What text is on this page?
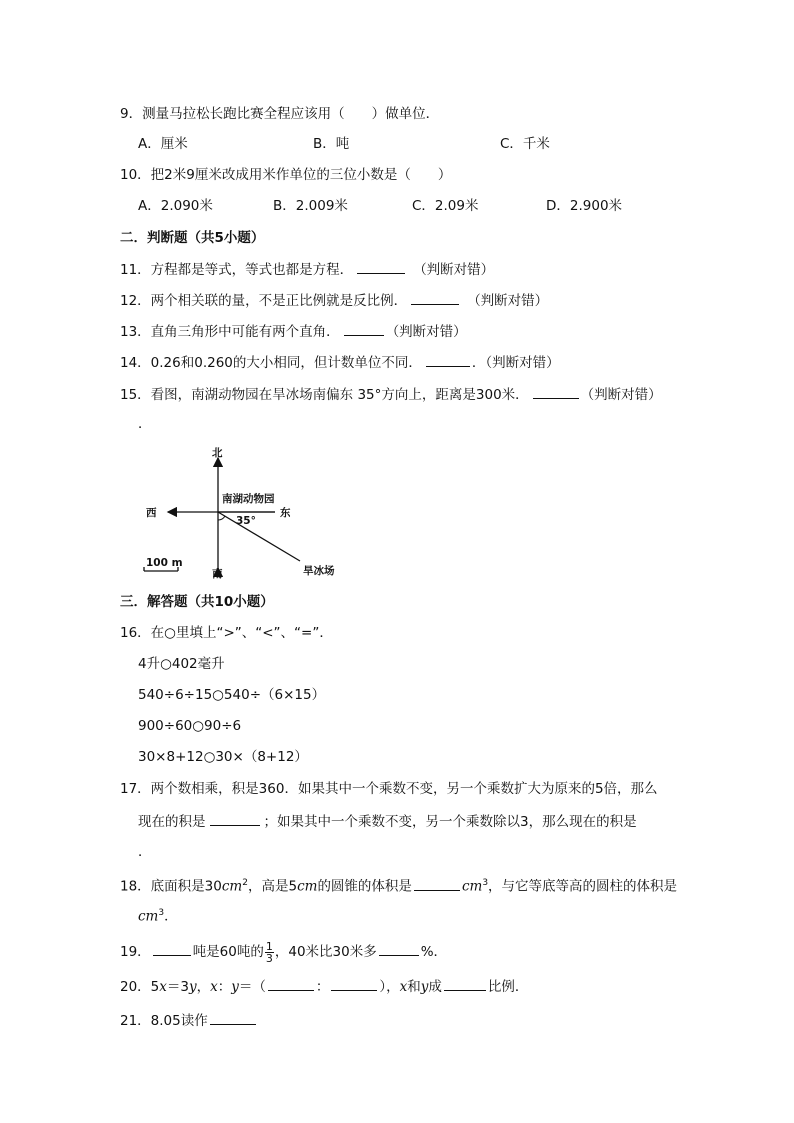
9．测量马拉松长跑比赛全程应该用（　　）做单位．
A．厘米	B．吨	C．千米
10．把2米9厘米改成用米作单位的三位小数是（　　）
A．2.090米	B．2.009米	C．2.09米	D．2.900米
二．判断题（共5小题）
11．方程都是等式，等式也都是方程．	（判断对错）
12．两个相关联的量，不是正比例就是反比例．	（判断对错）
13．直角三角形中可能有两个直角．	（判断对错）
14．0.26和0.260的大小相同，但计数单位不同．	．（判断对错）
15．看图，南湖动物园在旱冰场南偏东 35°方向上，距离是300米．	（判断对错）
．
北
南
西	东
南湖动物园
35°
旱冰场
100 m
三．解答题（共10小题）
16．在○里填上“>”、“<”、“=”．
4升○402毫升
540÷6÷15○540÷（6×15）
900÷60○90÷6
30×8+12○30×（8+12）
17．两个数相乘，积是360．如果其中一个乘数不变，另一个乘数扩大为原来的5倍，那么
现在的积是	；如果其中一个乘数不变，另一个乘数除以3，那么现在的积是
．
18．底面积是$30cm^2$，高是5cm的圆锥的体积是	$cm^3$，与它等底等高的圆柱的体积是
$cm^3$．
19．	吨是60吨的 $\frac{1}{3}$ ，40米比30米多	%．
20．5x＝3y，x：y＝（	：	），x和y成	比例．
21．8.05读作
